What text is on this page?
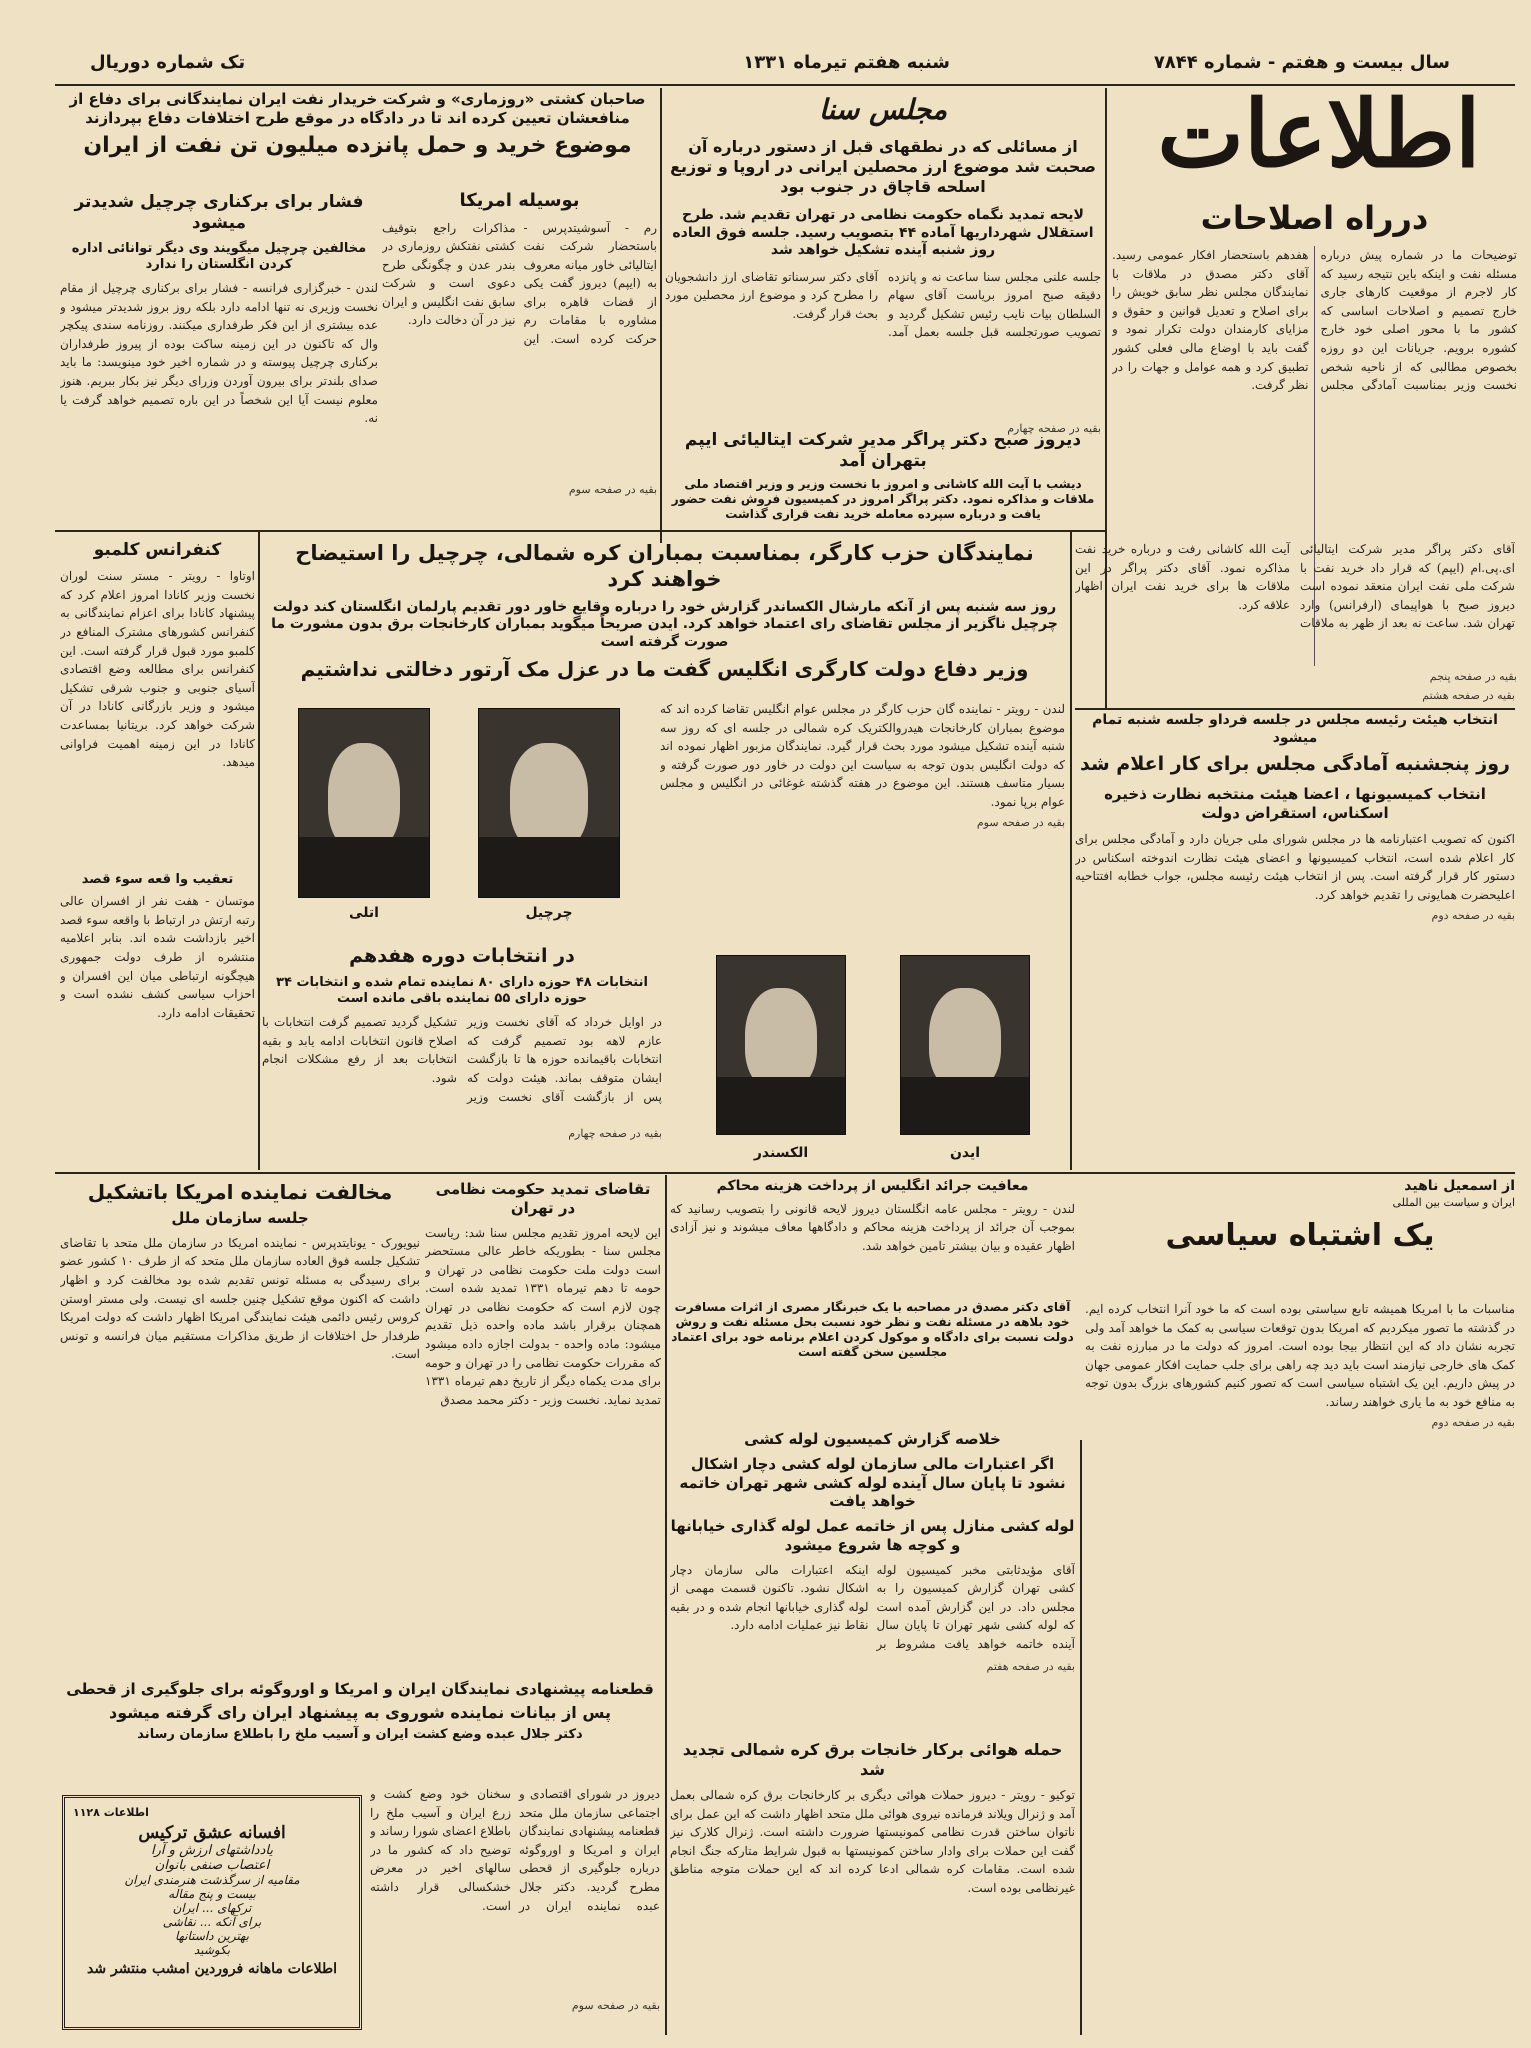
سال بیست و هفتم - شماره ۷۸۴۴
شنبه هفتم تیرماه ۱۳۳۱
تک شماره دوریال
اطلاعات
درراه اصلاحات
توضیحات ما در شماره پیش درباره مسئله نفت و اینکه باین نتیجه رسید که کار لاجرم از موقعیت کارهای جاری خارج تصمیم و اصلاحات اساسی که کشور ما با محور اصلی خود خارج کشوره برویم. جریانات این دو روزه بخصوص مطالبی که از ناحیه شخص نخست وزیر بمناسبت آمادگی مجلس هفدهم باستحضار افکار عمومی رسید. آقای دکتر مصدق در ملاقات با نمایندگان مجلس نظر سابق خویش را برای اصلاح و تعدیل قوانین و حقوق و مزایای کارمندان دولت تکرار نمود و گفت باید با اوضاع مالی فعلی کشور تطبیق کرد و همه عوامل و جهات را در نظر گرفت.
بقیه در صفحه پنجم
مجلس سنا
از مسائلی که در نطقهای قبل از دستور درباره آن صحبت شد موضوع ارز محصلین ایرانی در اروپا و توزیع اسلحه قاچاق در جنوب بود
لایحه تمدید نگماه حکومت نظامی در تهران تقدیم شد. طرح استقلال شهرداریها آماده ۴۴ بتصویب رسید. جلسه فوق العاده روز شنبه آینده تشکیل خواهد شد
جلسه علنی مجلس سنا ساعت نه و پانزده دقیقه صبح امروز بریاست آقای سهام السلطان بیات نایب رئیس تشکیل گردید و تصویب صورتجلسه قبل جلسه بعمل آمد. آقای دکتر سرسناتو تقاضای ارز دانشجویان را مطرح کرد و موضوع ارز محصلین مورد بحث قرار گرفت.
بقیه در صفحه چهارم
صاحبان کشتی «روزماری» و شرکت خریدار نفت ایران نمایندگانی برای دفاع از منافعشان تعیین کرده اند تا در دادگاه در موقع طرح اختلافات دفاع بپردازند
موضوع خرید و حمل پانزده میلیون تن نفت از ایران
بوسیله امریکا
رم - آسوشیتدپرس - باستحضار شرکت نفت ایتالیائی خاور میانه معروف به (ایپم) دیروز گفت یکی از قضات قاهره برای مشاوره با مقامات رم حرکت کرده است. این مذاکرات راجع بتوقیف کشتی نفتکش روزماری در بندر عدن و چگونگی طرح دعوی است و شرکت سابق نفت انگلیس و ایران نیز در آن دخالت دارد.
بقیه در صفحه سوم
فشار برای برکناری چرچیل شدیدتر میشود
مخالفین چرچیل میگویند وی دیگر توانائی اداره کردن انگلستان را ندارد
لندن - خبرگزاری فرانسه - فشار برای برکناری چرچیل از مقام نخست وزیری نه تنها ادامه دارد بلکه روز بروز شدیدتر میشود و عده بیشتری از این فکر طرفداری میکنند. روزنامه سندی پیکچر وال که تاکنون در این زمینه ساکت بوده از پیروز طرفداران برکناری چرچیل پیوسته و در شماره اخیر خود مینویسد: ما باید صدای بلندتر برای بیرون آوردن وزرای دیگر نیز بکار ببریم. هنوز معلوم نیست آیا این شخصاً در این باره تصمیم خواهد گرفت یا نه.
دیروز صبح دکتر پراگر مدیر شرکت ایتالیائی ایپم بتهران آمد
دیشب با آیت الله کاشانی و امروز با نخست وزیر و وزیر اقتصاد ملی ملاقات و مذاکره نمود. دکتر پراگر امروز در کمیسیون فروش نفت حضور یافت و درباره سپرده معامله خرید نفت قراری گذاشت
نمایندگان حزب کارگر، بمناسبت بمباران کره شمالی، چرچیل را استیضاح خواهند کرد
روز سه شنبه پس از آنکه مارشال الکساندر گزارش خود را درباره وقایع خاور دور تقدیم پارلمان انگلستان کند دولت چرچیل ناگزیر از مجلس تقاضای رای اعتماد خواهد کرد. ایدن صریحاً میگوید بمباران کارخانجات برق بدون مشورت ما صورت گرفته است
وزیر دفاع دولت کارگری انگلیس گفت ما در عزل مک آرتور دخالتی نداشتیم
لندن - رویتر - نماینده گان حزب کارگر در مجلس عوام انگلیس تقاضا کرده اند که موضوع بمباران کارخانجات هیدروالکتریک کره شمالی در جلسه ای که روز سه شنبه آینده تشکیل میشود مورد بحث قرار گیرد. نمایندگان مزبور اظهار نموده اند که دولت انگلیس بدون توجه به سیاست این دولت در خاور دور صورت گرفته و بسیار متاسف هستند. این موضوع در هفته گذشته غوغائی در انگلیس و مجلس عوام برپا نمود.
بقیه در صفحه سوم
اتلی	چرچیل
کنفرانس کلمبو
اوتاوا - رویتر - مستر سنت لوران نخست وزیر کانادا امروز اعلام کرد که پیشنهاد کانادا برای اعزام نمایندگانی به کنفرانس کشورهای مشترک المنافع در کلمبو مورد قبول قرار گرفته است. این کنفرانس برای مطالعه وضع اقتصادی آسیای جنوبی و جنوب شرقی تشکیل میشود و وزیر بازرگانی کانادا در آن شرکت خواهد کرد. بریتانیا بمساعدت کانادا در این زمینه اهمیت فراوانی میدهد.
تعقیب وا قعه سوء قصد
موتسان - هفت نفر از افسران عالی رتبه ارتش در ارتباط با واقعه سوء قصد اخیر بازداشت شده اند. بنابر اعلامیه منتشره از طرف دولت جمهوری هیچگونه ارتباطی میان این افسران و احزاب سیاسی کشف نشده است و تحقیقات ادامه دارد.
در انتخابات دوره هفدهم
انتخابات ۴۸ حوزه دارای ۸۰ نماینده تمام شده و انتخابات ۳۴ حوزه دارای ۵۵ نماینده باقی مانده است
در اوایل خرداد که آقای نخست وزیر عازم لاهه بود تصمیم گرفت که انتخابات باقیمانده حوزه ها تا بازگشت ایشان متوقف بماند. هیئت دولت که پس از بازگشت آقای نخست وزیر تشکیل گردید تصمیم گرفت انتخابات با اصلاح قانون انتخابات ادامه یابد و بقیه انتخابات بعد از رفع مشکلات انجام شود.
بقیه در صفحه چهارم
ایدن
الکسندر
آقای دکتر پراگر مدیر شرکت ایتالیائی ای.پی.ام (ایپم) که قرار داد خرید نفت با شرکت ملی نفت ایران منعقد نموده است دیروز صبح با هواپیمای (ارفرانس) وارد تهران شد. ساعت نه بعد از ظهر به ملاقات آیت الله کاشانی رفت و درباره خرید نفت مذاکره نمود. آقای دکتر پراگر در این ملاقات ها برای خرید نفت ایران اظهار علاقه کرد.
بقیه در صفحه هشتم
انتخاب هیئت رئیسه مجلس در جلسه فرداو جلسه شنبه تمام میشود
روز پنجشنبه آمادگی مجلس برای کار اعلام شد
انتخاب کمیسیونها ، اعضا هیئت منتخبه نظارت ذخیره اسکناس، استقراض دولت
اکنون که تصویب اعتبارنامه ها در مجلس شورای ملی جریان دارد و آمادگی مجلس برای کار اعلام شده است، انتخاب کمیسیونها و اعضای هیئت نظارت اندوخته اسکناس در دستور کار قرار گرفته است. پس از انتخاب هیئت رئیسه مجلس، جواب خطابه افتتاحیه اعلیحضرت همایونی را تقدیم خواهد کرد.
بقیه در صفحه دوم
تقاضای تمدید حکومت نظامی در تهران
این لایحه امروز تقدیم مجلس سنا شد: ریاست مجلس سنا - بطوریکه خاطر عالی مستحضر است دولت ملت حکومت نظامی در تهران و حومه تا دهم تیرماه ۱۳۳۱ تمدید شده است. چون لازم است که حکومت نظامی در تهران همچنان برقرار باشد ماده واحده ذیل تقدیم میشود: ماده واحده - بدولت اجازه داده میشود که مقررات حکومت نظامی را در تهران و حومه برای مدت یکماه دیگر از تاریخ دهم تیرماه ۱۳۳۱ تمدید نماید. نخست وزیر - دکتر محمد مصدق
مخالفت نماینده امریکا باتشکیل
جلسه سازمان ملل
نیویورک - یونایتدپرس - نماینده امریکا در سازمان ملل متحد با تقاضای تشکیل جلسه فوق العاده سازمان ملل متحد که از طرف ۱۰ کشور عضو برای رسیدگی به مسئله تونس تقدیم شده بود مخالفت کرد و اظهار داشت که اکنون موقع تشکیل چنین جلسه ای نیست. ولی مستر اوستن کروس رئیس دائمی هیئت نمایندگی امریکا اظهار داشت که دولت امریکا طرفدار حل اختلافات از طریق مذاکرات مستقیم میان فرانسه و تونس است.
قطعنامه پیشنهادی نمایندگان ایران و امریکا و اوروگوئه برای جلوگیری از قحطی
پس از بیانات نماینده شوروی به پیشنهاد ایران رای گرفته میشود
دکتر جلال عبده وضع کشت ایران و آسیب ملخ را باطلاع سازمان رساند
دیروز در شورای اقتصادی و اجتماعی سازمان ملل متحد قطعنامه پیشنهادی نمایندگان ایران و امریکا و اوروگوئه درباره جلوگیری از قحطی مطرح گردید. دکتر جلال عبده نماینده ایران در سخنان خود وضع کشت و زرع ایران و آسیب ملخ را باطلاع اعضای شورا رساند و توضیح داد که کشور ما در سالهای اخیر در معرض خشکسالی قرار داشته است.
بقیه در صفحه سوم
اطلاعات ۱۱۲۸
افسانه عشق ترکیس
یادداشتهای ارزش و آرا
اعتصاب صنفی بانوان
مقامیه از سرگذشت هنرمندی ایران
بیست و پنج مقاله
ترکهای ... ایران
برای آنکه ... نقاشی
بهترین داستانها
بکوشید
اطلاعات ماهانه فروردین امشب منتشر شد
معافیت جرائد انگلیس از پرداخت هزینه محاکم
لندن - رویتر - مجلس عامه انگلستان دیروز لایحه قانونی را بتصویب رسانید که بموجب آن جرائد از پرداخت هزینه محاکم و دادگاهها معاف میشوند و نیز آزادی اظهار عقیده و بیان بیشتر تامین خواهد شد.
خلاصه گزارش کمیسیون لوله کشی
اگر اعتبارات مالی سازمان لوله کشی دچار اشکال نشود تا پایان سال آینده لوله کشی شهر تهران خاتمه خواهد یافت
لوله کشی منازل پس از خاتمه عمل لوله گذاری خیابانها و کوچه ها شروع میشود
آقای مؤیدثابتی مخبر کمیسیون لوله کشی تهران گزارش کمیسیون را به مجلس داد. در این گزارش آمده است که لوله کشی شهر تهران تا پایان سال آینده خاتمه خواهد یافت مشروط بر اینکه اعتبارات مالی سازمان دچار اشکال نشود. تاکنون قسمت مهمی از لوله گذاری خیابانها انجام شده و در بقیه نقاط نیز عملیات ادامه دارد.
بقیه در صفحه هفتم
حمله هوائی برکار خانجات برق کره شمالی تجدید شد
توکیو - رویتر - دیروز حملات هوائی دیگری بر کارخانجات برق کره شمالی بعمل آمد و ژنرال ویلاند فرمانده نیروی هوائی ملل متحد اظهار داشت که این عمل برای ناتوان ساختن قدرت نظامی کمونیستها ضرورت داشته است. ژنرال کلارک نیز گفت این حملات برای وادار ساختن کمونیستها به قبول شرایط متارکه جنگ انجام شده است. مقامات کره شمالی ادعا کرده اند که این حملات متوجه مناطق غیرنظامی بوده است.
از اسمعیل ناهید
ایران و سیاست بین المللی
یک اشتباه سیاسی
مناسبات ما با امریکا همیشه تابع سیاستی بوده است که ما خود آنرا انتخاب کرده ایم. در گذشته ما تصور میکردیم که امریکا بدون توقعات سیاسی به کمک ما خواهد آمد ولی تجربه نشان داد که این انتظار بیجا بوده است. امروز که دولت ما در مبارزه نفت به کمک های خارجی نیازمند است باید دید چه راهی برای جلب حمایت افکار عمومی جهان در پیش داریم. این یک اشتباه سیاسی است که تصور کنیم کشورهای بزرگ بدون توجه به منافع خود به ما یاری خواهند رساند.
بقیه در صفحه دوم
آقای دکتر مصدق در مصاحبه با یک خبرنگار مصری از اثرات مسافرت خود بلاهه در مسئله نفت و نظر خود نسبت بحل مسئله نفت و روش دولت نسبت برای دادگاه و موکول کردن اعلام برنامه خود برای اعتماد مجلسین سخن گفته است
